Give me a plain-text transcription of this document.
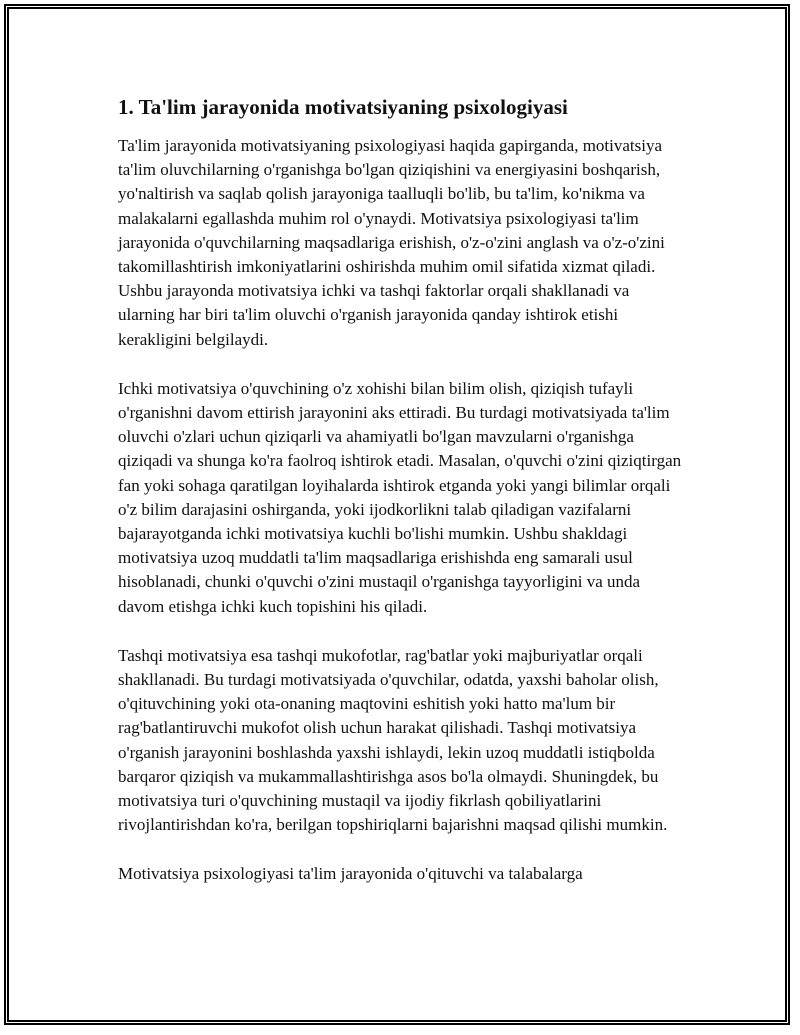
1. Ta'lim jarayonida motivatsiyaning psixologiyasi

Ta'lim jarayonida motivatsiyaning psixologiyasi haqida gapirganda, motivatsiya ta'lim oluvchilarning o'rganishga bo'lgan qiziqishini va energiyasini boshqarish, yo'naltirish va saqlab qolish jarayoniga taalluqli bo'lib, bu ta'lim, ko'nikma va malakalarni egallashda muhim rol o'ynaydi. Motivatsiya psixologiyasi ta'lim jarayonida o'quvchilarning maqsadlariga erishish, o'z-o'zini anglash va o'z-o'zini takomillashtirish imkoniyatlarini oshirishda muhim omil sifatida xizmat qiladi. Ushbu jarayonda motivatsiya ichki va tashqi faktorlar orqali shakllanadi va ularning har biri ta'lim oluvchi o'rganish jarayonida qanday ishtirok etishi kerakligini belgilaydi.

Ichki motivatsiya o'quvchining o'z xohishi bilan bilim olish, qiziqish tufayli o'rganishni davom ettirish jarayonini aks ettiradi. Bu turdagi motivatsiyada ta'lim oluvchi o'zlari uchun qiziqarli va ahamiyatli bo'lgan mavzularni o'rganishga qiziqadi va shunga ko'ra faolroq ishtirok etadi. Masalan, o'quvchi o'zini qiziqtirgan fan yoki sohaga qaratilgan loyihalarda ishtirok etganda yoki yangi bilimlar orqali o'z bilim darajasini oshirganda, yoki ijodkorlikni talab qiladigan vazifalarni bajarayotganda ichki motivatsiya kuchli bo'lishi mumkin. Ushbu shakldagi motivatsiya uzoq muddatli ta'lim maqsadlariga erishishda eng samarali usul hisoblanadi, chunki o'quvchi o'zini mustaqil o'rganishga tayyorligini va unda davom etishga ichki kuch topishini his qiladi.

Tashqi motivatsiya esa tashqi mukofotlar, rag'batlar yoki majburiyatlar orqali shakllanadi. Bu turdagi motivatsiyada o'quvchilar, odatda, yaxshi baholar olish, o'qituvchining yoki ota-onaning maqtovini eshitish yoki hatto ma'lum bir rag'batlantiruvchi mukofot olish uchun harakat qilishadi. Tashqi motivatsiya o'rganish jarayonini boshlashda yaxshi ishlaydi, lekin uzoq muddatli istiqbolda barqaror qiziqish va mukammallashtirishga asos bo'la olmaydi. Shuningdek, bu motivatsiya turi o'quvchining mustaqil va ijodiy fikrlash qobiliyatlarini rivojlantirishdan ko'ra, berilgan topshiriqlarni bajarishni maqsad qilishi mumkin.

Motivatsiya psixologiyasi ta'lim jarayonida o'qituvchi va talabalarga
